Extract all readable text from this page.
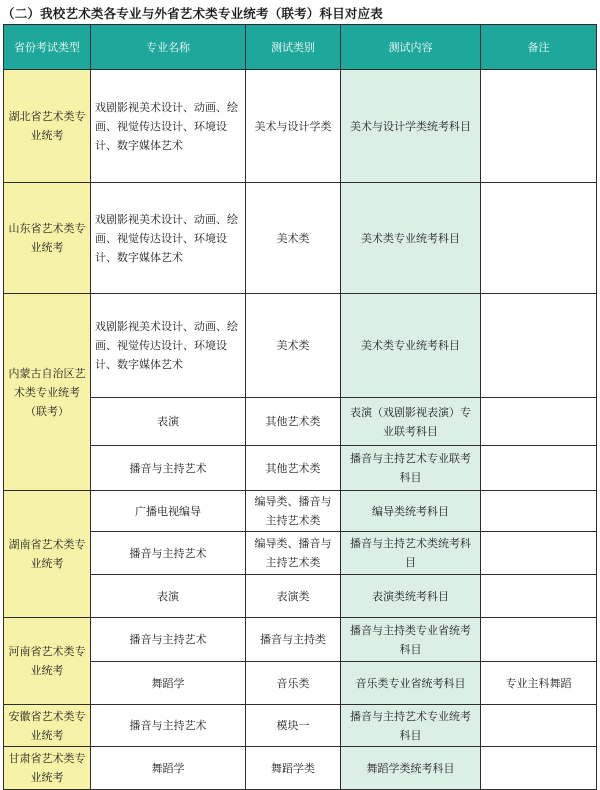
（二）我校艺术类各专业与外省艺术类专业统考（联考）科目对应表
省份考试类型	专业名称	测试类别	测试内容	备注
湖北省艺术类专业统考	戏剧影视美术设计、动画、绘画、视觉传达设计、环境设计、数字媒体艺术	美术与设计学类	美术与设计学类统考科目	
山东省艺术类专业统考	戏剧影视美术设计、动画、绘画、视觉传达设计、环境设计、数字媒体艺术	美术类	美术类专业统考科目	
内蒙古自治区艺术类专业统考（联考）	戏剧影视美术设计、动画、绘画、视觉传达设计、环境设计、数字媒体艺术	美术类	美术类专业统考科目	
	表演	其他艺术类	表演（戏剧影视表演）专业联考科目	
	播音与主持艺术	其他艺术类	播音与主持艺术专业联考科目	
湖南省艺术类专业统考	广播电视编导	编导类、播音与主持艺术类	编导类统考科目	
	播音与主持艺术	编导类、播音与主持艺术类	播音与主持艺术类统考科目	
	表演	表演类	表演类统考科目	
河南省艺术类专业统考	播音与主持艺术	播音与主持类	播音与主持类专业省统考科目	
	舞蹈学	音乐类	音乐类专业省统考科目	专业主科舞蹈
安徽省艺术类专业统考	播音与主持艺术	模块一	播音与主持艺术专业统考科目	
甘肃省艺术类专业统考	舞蹈学	舞蹈学类	舞蹈学类统考科目	
